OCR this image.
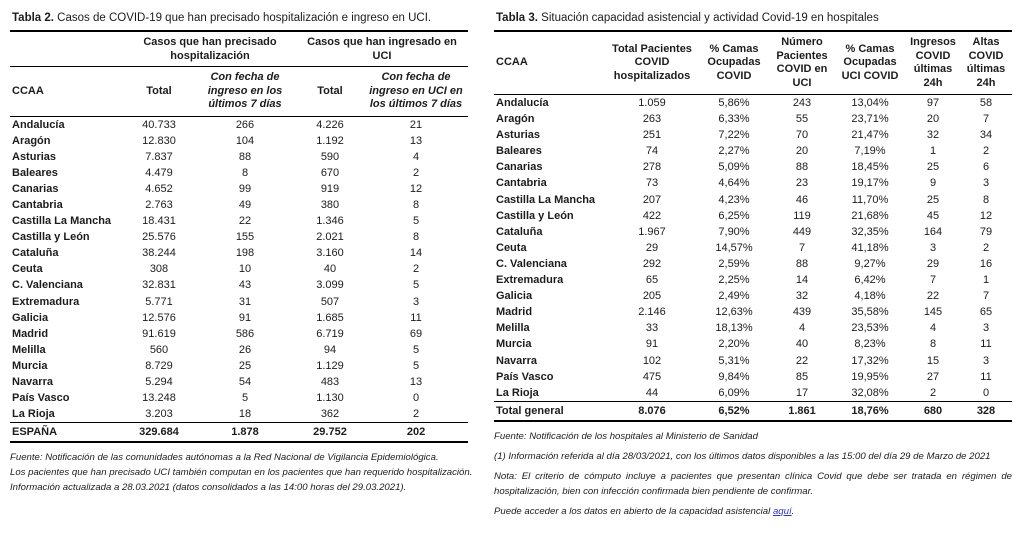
Tabla 2. Casos de COVID-19 que han precisado hospitalización e ingreso en UCI.
	Casos que han precisado hospitalización		Casos que han ingresado en UCI	
CCAA	Total	Con fecha de ingreso en los últimos 7 días	Total	Con fecha de ingreso en UCI en los últimos 7 días
Andalucía	40.733	266	4.226	21
Aragón	12.830	104	1.192	13
Asturias	7.837	88	590	4
Baleares	4.479	8	670	2
Canarias	4.652	99	919	12
Cantabria	2.763	49	380	8
Castilla La Mancha	18.431	22	1.346	5
Castilla y León	25.576	155	2.021	8
Cataluña	38.244	198	3.160	14
Ceuta	308	10	40	2
C. Valenciana	32.831	43	3.099	5
Extremadura	5.771	31	507	3
Galicia	12.576	91	1.685	11
Madrid	91.619	586	6.719	69
Melilla	560	26	94	5
Murcia	8.729	25	1.129	5
Navarra	5.294	54	483	13
País Vasco	13.248	5	1.130	0
La Rioja	3.203	18	362	2
ESPAÑA	329.684	1.878	29.752	202

Fuente: Notificación de las comunidades autónomas a la Red Nacional de Vigilancia Epidemiológica.

Los pacientes que han precisado UCI también computan en los pacientes que han requerido hospitalización.

Información actualizada a 28.03.2021 (datos consolidados a las 14:00 horas del 29.03.2021).

Tabla 3. Situación capacidad asistencial y actividad Covid-19 en hospitales
CCAA	Total Pacientes COVID hospitalizados	% Camas Ocupadas COVID	Número Pacientes COVID en UCI	% Camas Ocupadas UCI COVID	Ingresos COVID últimas 24h	Altas COVID últimas 24h
Andalucía	1.059	5,86%	243	13,04%	97	58
Aragón	263	6,33%	55	23,71%	20	7
Asturias	251	7,22%	70	21,47%	32	34
Baleares	74	2,27%	20	7,19%	1	2
Canarias	278	5,09%	88	18,45%	25	6
Cantabria	73	4,64%	23	19,17%	9	3
Castilla La Mancha	207	4,23%	46	11,70%	25	8
Castilla y León	422	6,25%	119	21,68%	45	12
Cataluña	1.967	7,90%	449	32,35%	164	79
Ceuta	29	14,57%	7	41,18%	3	2
C. Valenciana	292	2,59%	88	9,27%	29	16
Extremadura	65	2,25%	14	6,42%	7	1
Galicia	205	2,49%	32	4,18%	22	7
Madrid	2.146	12,63%	439	35,58%	145	65
Melilla	33	18,13%	4	23,53%	4	3
Murcia	91	2,20%	40	8,23%	8	11
Navarra	102	5,31%	22	17,32%	15	3
País Vasco	475	9,84%	85	19,95%	27	11
La Rioja	44	6,09%	17	32,08%	2	0
Total general	8.076	6,52%	1.861	18,76%	680	328

Fuente: Notificación de los hospitales al Ministerio de Sanidad

(1) Información referida al día 28/03/2021, con los últimos datos disponibles a las 15:00 del día 29 de Marzo de 2021

Nota: El criterio de cómputo incluye a pacientes que presentan clínica Covid que debe ser tratada en régimen de hospitalización, bien con infección confirmada bien pendiente de confirmar.

Puede acceder a los datos en abierto de la capacidad asistencial aquí.
